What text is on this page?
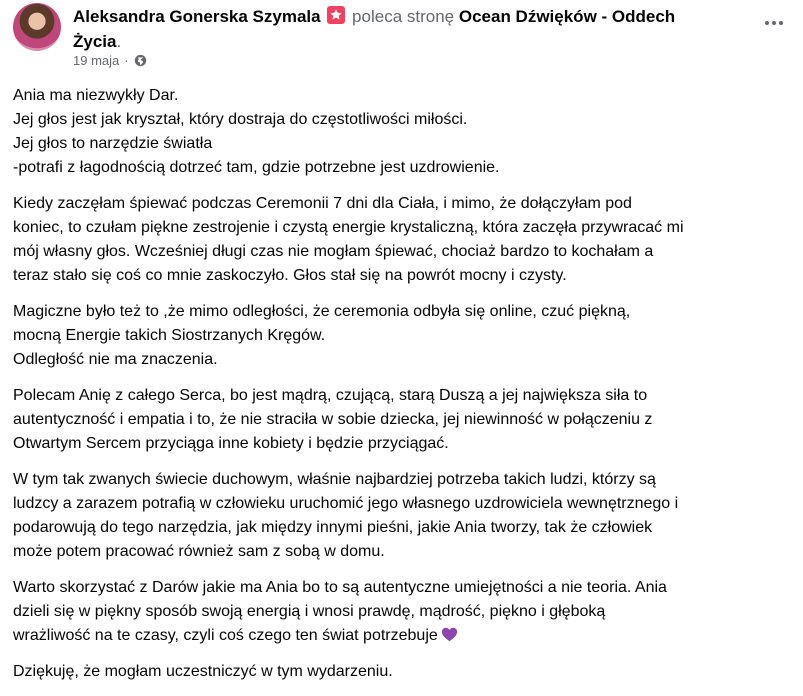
Aleksandra Gonerska Szymala poleca stronę Ocean Dźwięków - Oddech
Życia.
19 maja ·
Ania ma niezwykły Dar.
Jej głos jest jak kryształ, który dostraja do częstotliwości miłości.
Jej głos to narzędzie światła
-potrafi z łagodnością dotrzeć tam, gdzie potrzebne jest uzdrowienie.
Kiedy zaczęłam śpiewać podczas Ceremonii 7 dni dla Ciała, i mimo, że dołączyłam pod
koniec, to czułam piękne zestrojenie i czystą energie krystaliczną, która zaczęła przywracać mi
mój własny głos. Wcześniej długi czas nie mogłam śpiewać, chociaż bardzo to kochałam a
teraz stało się coś co mnie zaskoczyło. Głos stał się na powrót mocny i czysty.
Magiczne było też to ,że mimo odległości, że ceremonia odbyła się online, czuć piękną,
mocną Energie takich Siostrzanych Kręgów.
Odległość nie ma znaczenia.
Polecam Anię z całego Serca, bo jest mądrą, czującą, starą Duszą a jej największa siła to
autentyczność i empatia i to, że nie straciła w sobie dziecka, jej niewinność w połączeniu z
Otwartym Sercem przyciąga inne kobiety i będzie przyciągać.
W tym tak zwanych świecie duchowym, właśnie najbardziej potrzeba takich ludzi, którzy są
ludzcy a zarazem potrafią w człowieku uruchomić jego własnego uzdrowiciela wewnętrznego i
podarowują do tego narzędzia, jak między innymi pieśni, jakie Ania tworzy, tak że człowiek
może potem pracować również sam z sobą w domu.
Warto skorzystać z Darów jakie ma Ania bo to są autentyczne umiejętności a nie teoria. Ania
dzieli się w piękny sposób swoją energią i wnosi prawdę, mądrość, piękno i głęboką
wrażliwość na te czasy, czyli coś czego ten świat potrzebuje
Dziękuję, że mogłam uczestniczyć w tym wydarzeniu.
